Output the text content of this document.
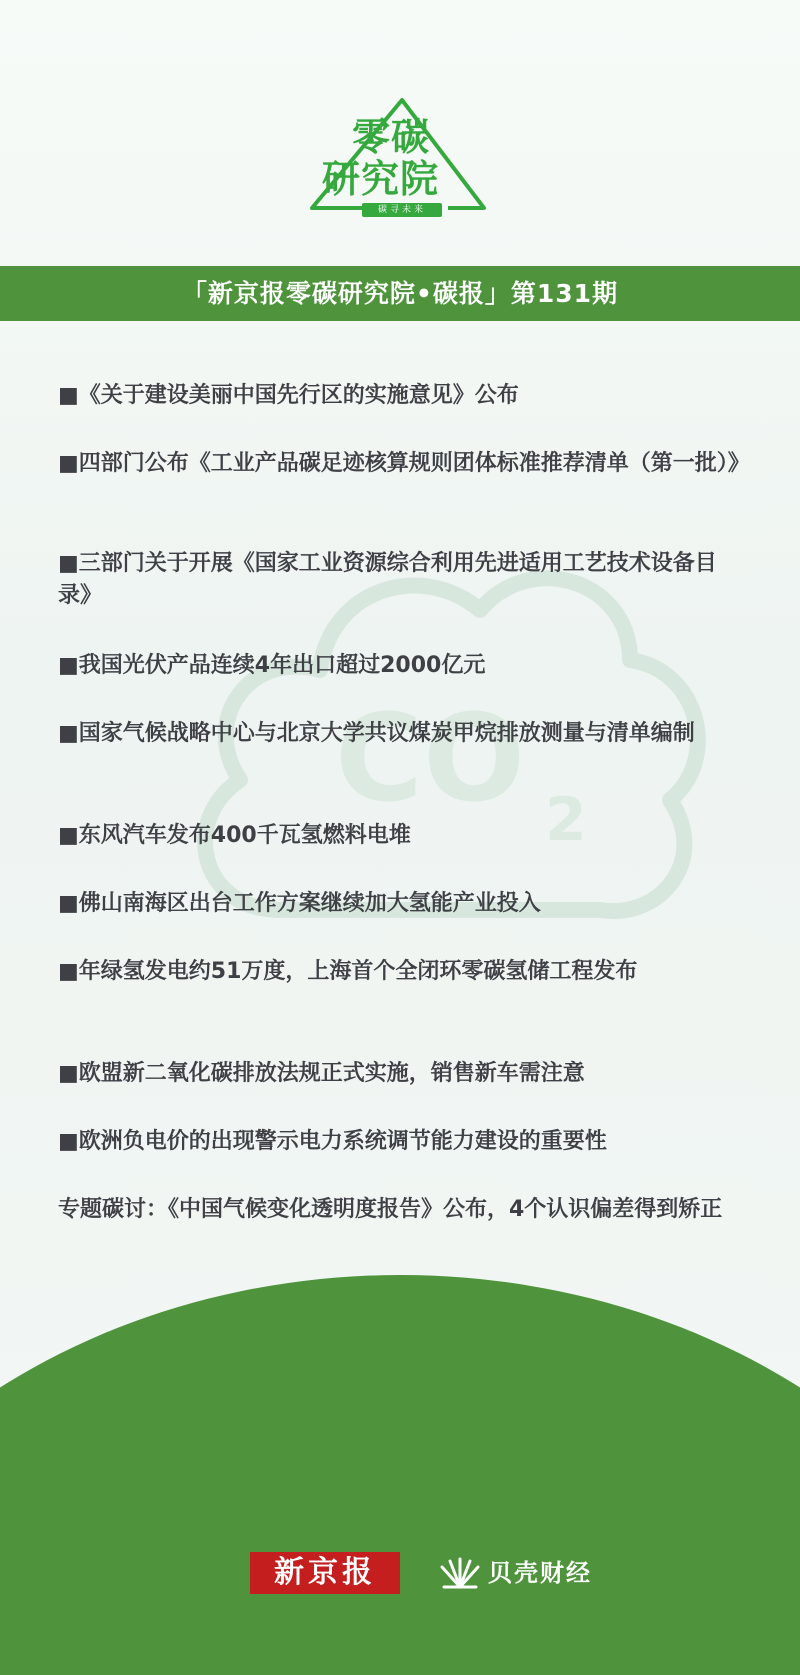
CO 2
零碳
研究院
碳寻未来
「新京报零碳研究院•碳报」第131期
■《关于建设美丽中国先行区的实施意见》公布
■四部门公布《工业产品碳足迹核算规则团体标准推荐清单（第一批）》
■三部门关于开展《国家工业资源综合利用先进适用工艺技术设备目录》
■我国光伏产品连续4年出口超过2000亿元
■国家气候战略中心与北京大学共议煤炭甲烷排放测量与清单编制
■东风汽车发布400千瓦氢燃料电堆
■佛山南海区出台工作方案继续加大氢能产业投入
■年绿氢发电约51万度，上海首个全闭环零碳氢储工程发布
■欧盟新二氧化碳排放法规正式实施，销售新车需注意
■欧洲负电价的出现警示电力系统调节能力建设的重要性
专题碳讨：《中国气候变化透明度报告》公布，4个认识偏差得到矫正
新京报	贝壳财经
